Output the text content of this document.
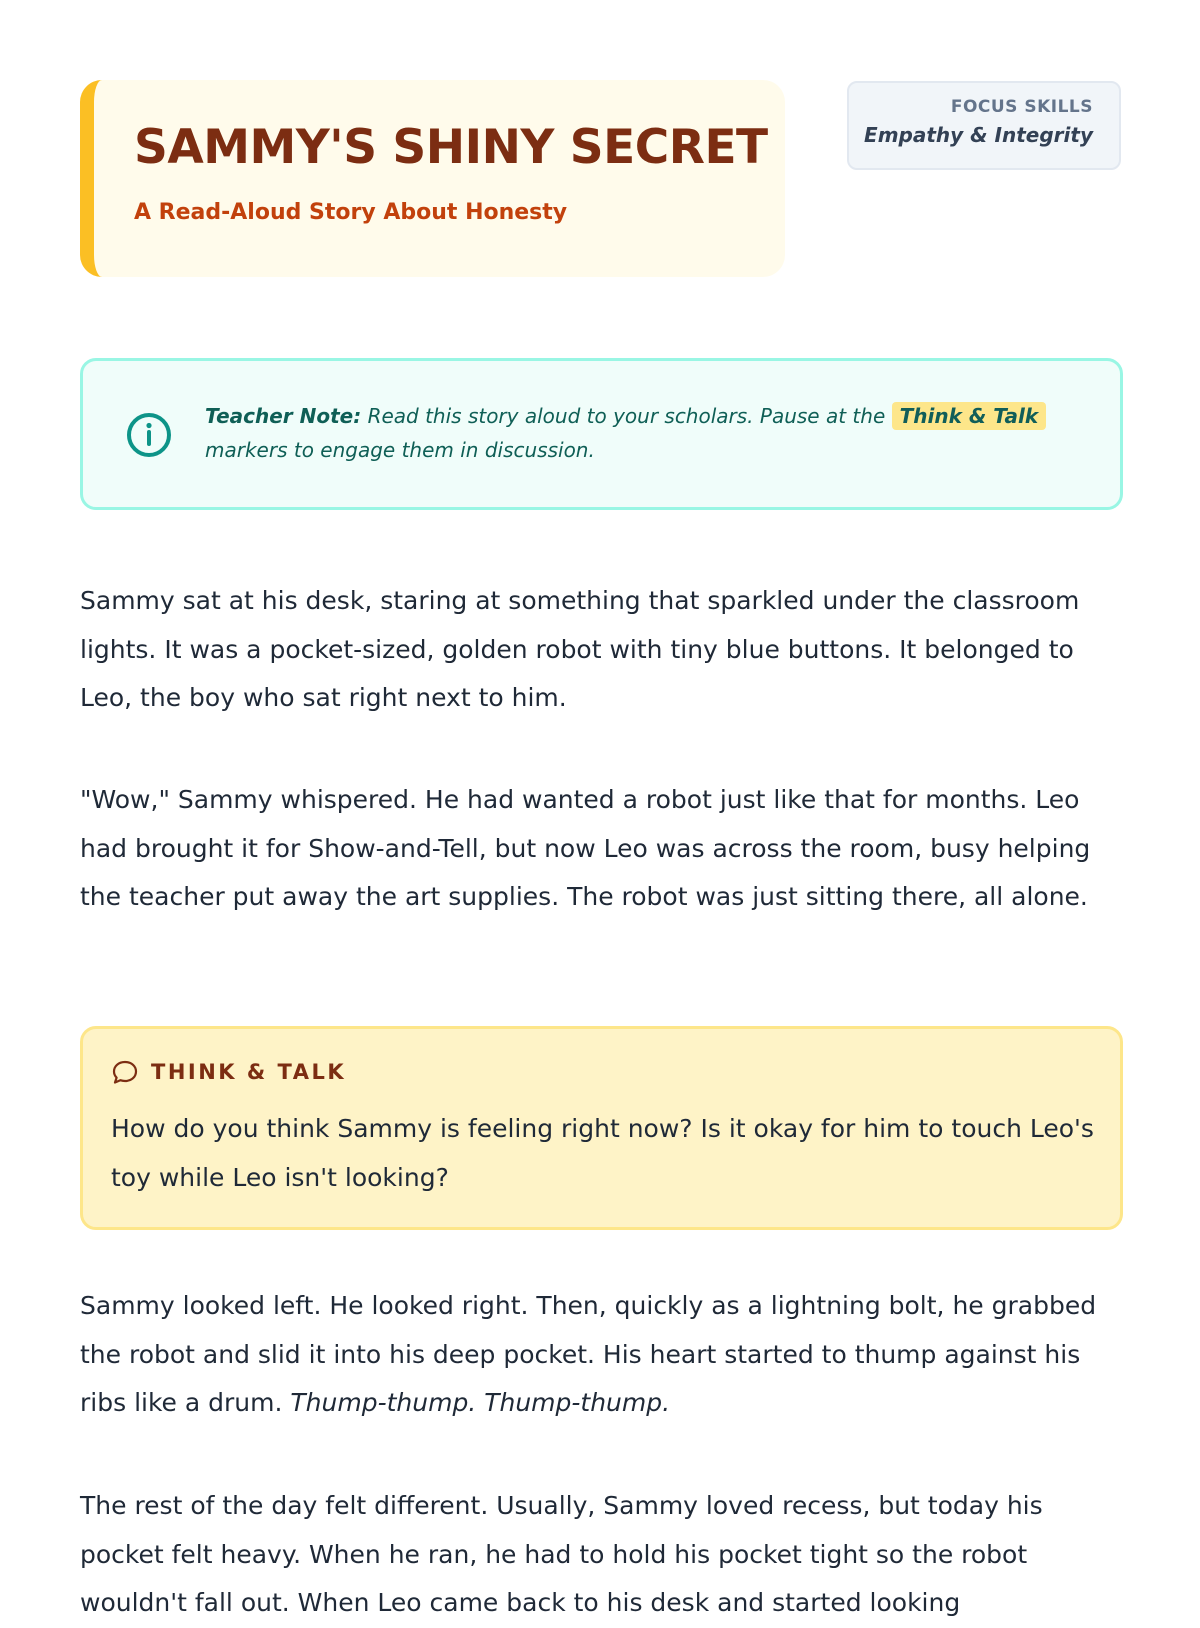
SAMMY'S SHINY SECRET
A Read-Aloud Story About Honesty
FOCUS SKILLS
Empathy & Integrity
Teacher Note: Read this story aloud to your scholars. Pause at the Think & Talk markers to engage them in discussion.

Sammy sat at his desk, staring at something that sparkled under the classroom lights. It was a pocket-sized, golden robot with tiny blue buttons. It belonged to Leo, the boy who sat right next to him.

"Wow," Sammy whispered. He had wanted a robot just like that for months. Leo had brought it for Show-and-Tell, but now Leo was across the room, busy helping the teacher put away the art supplies. The robot was just sitting there, all alone.

THINK & TALK

How do you think Sammy is feeling right now? Is it okay for him to touch Leo's toy while Leo isn't looking?

Sammy looked left. He looked right. Then, quickly as a lightning bolt, he grabbed the robot and slid it into his deep pocket. His heart started to thump against his ribs like a drum. Thump-thump. Thump-thump.

The rest of the day felt different. Usually, Sammy loved recess, but today his pocket felt heavy. When he ran, he had to hold his pocket tight so the robot wouldn't fall out. When Leo came back to his desk and started looking
